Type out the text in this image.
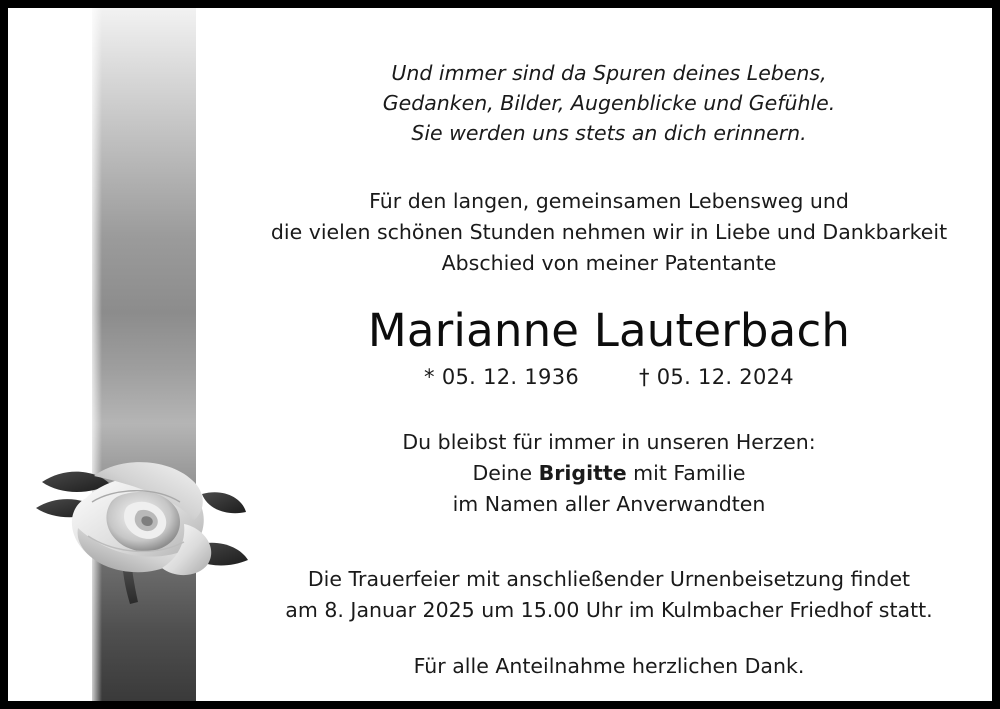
Und immer sind da Spuren deines Lebens,
Gedanken, Bilder, Augenblicke und Gefühle.
Sie werden uns stets an dich erinnern.
Für den langen, gemeinsamen Lebensweg und
die vielen schönen Stunden nehmen wir in Liebe und Dankbarkeit
Abschied von meiner Patentante
Marianne Lauterbach
* 05. 12. 1936	† 05. 12. 2024
Du bleibst für immer in unseren Herzen:
Deine Brigitte mit Familie
im Namen aller Anverwandten
Die Trauerfeier mit anschließender Urnenbeisetzung findet
am 8. Januar 2025 um 15.00 Uhr im Kulmbacher Friedhof statt.
Für alle Anteilnahme herzlichen Dank.
